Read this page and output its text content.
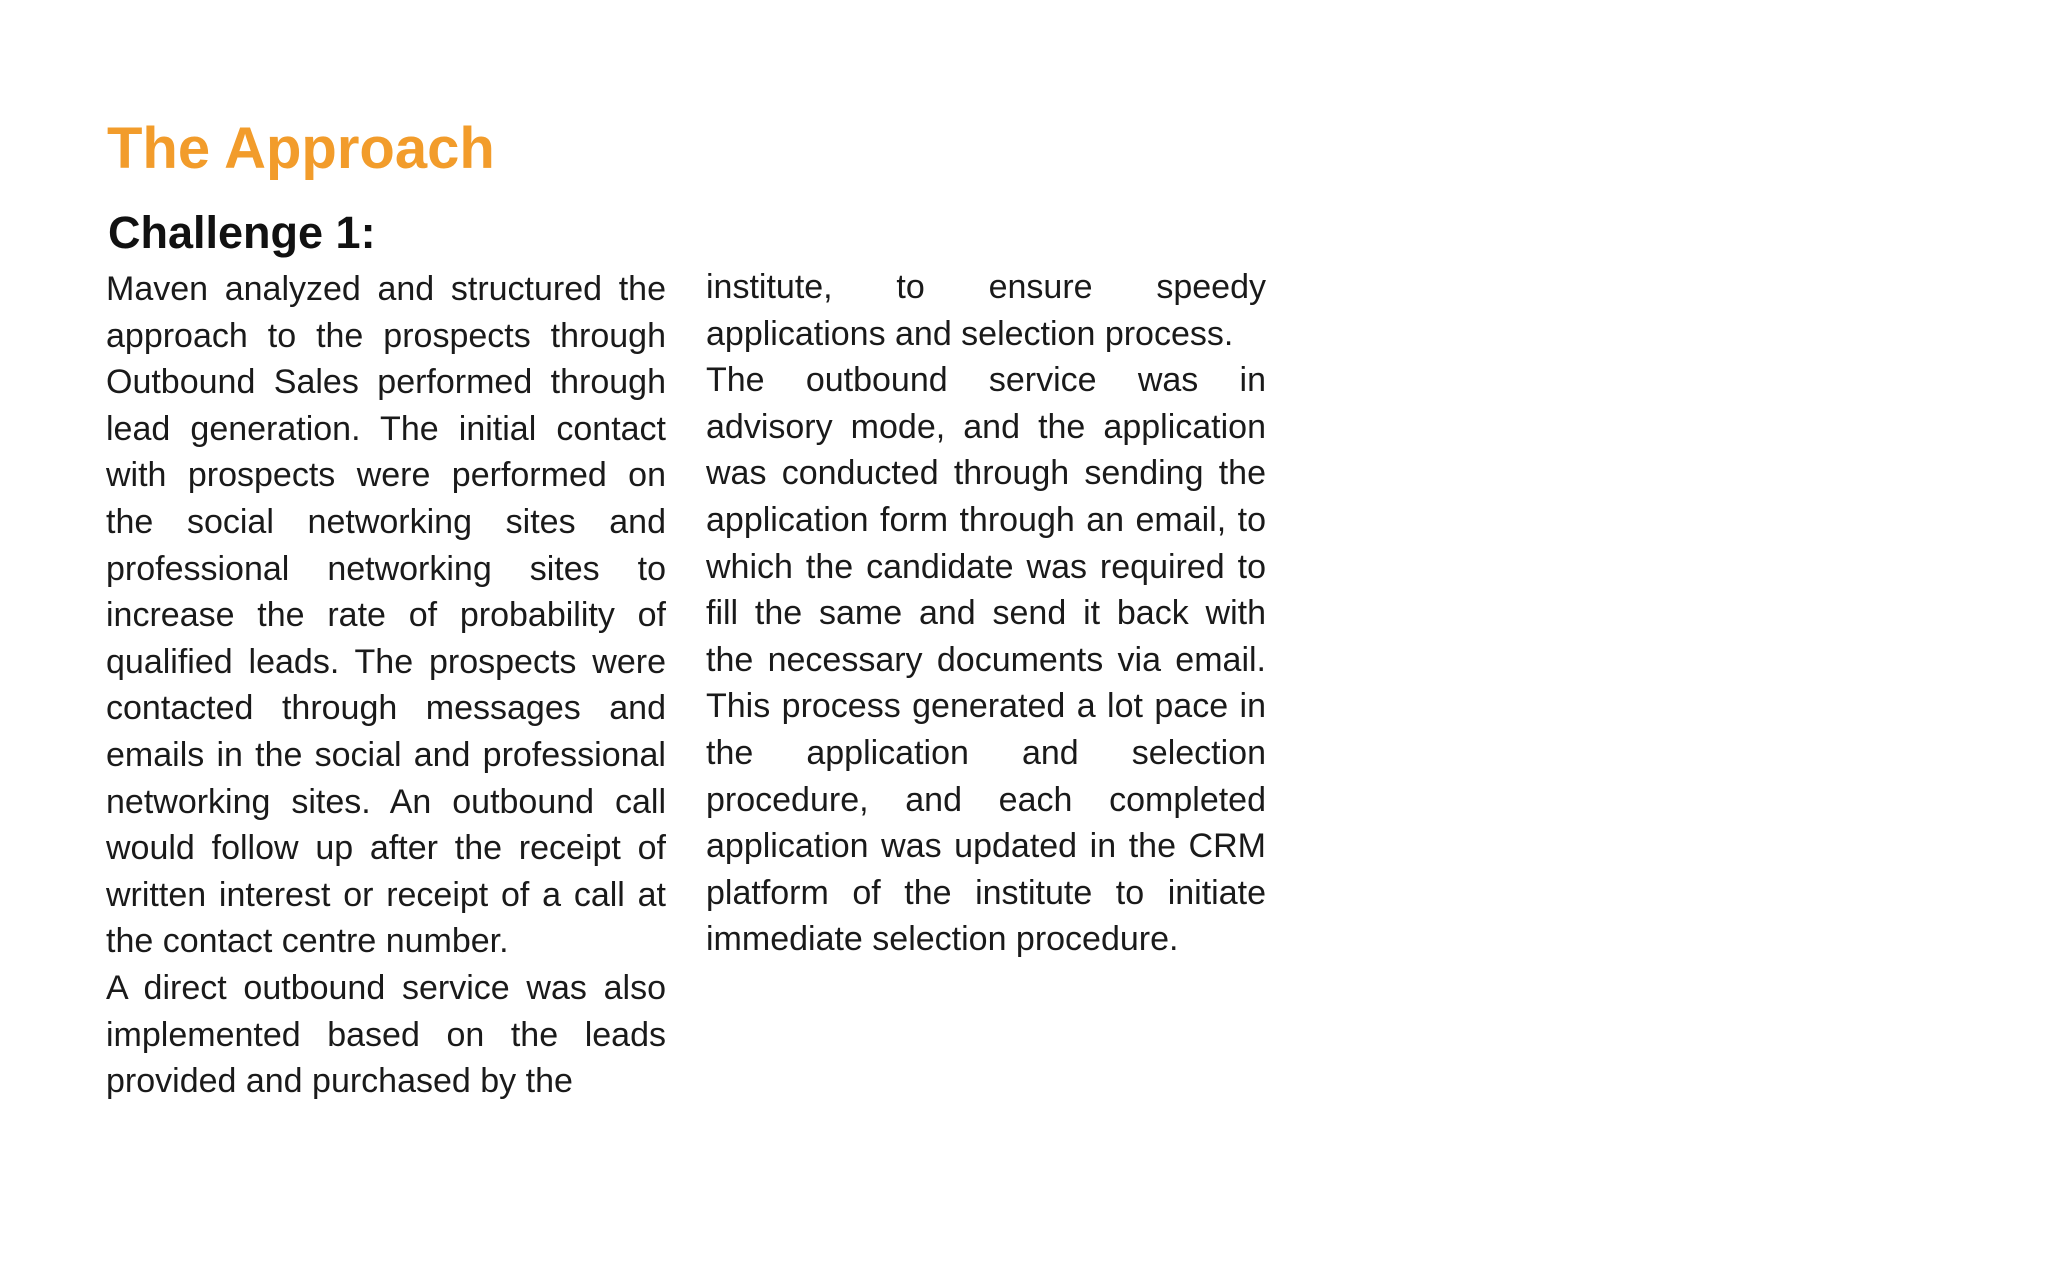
The Approach
Challenge 1:

Maven analyzed and structured the approach to the prospects through Outbound Sales performed through lead generation. The initial contact with prospects were performed on the social networking sites and professional networking sites to increase the rate of probability of qualified leads. The prospects were contacted through messages and emails in the social and professional networking sites. An outbound call would follow up after the receipt of written interest or receipt of a call at the contact centre number.

A direct outbound service was also implemented based on the leads provided and purchased by the

institute, to ensure speedy applications and selection process.

The outbound service was in advisory mode, and the application was conducted through sending the application form through an email, to which the candidate was required to fill the same and send it back with the necessary documents via email. This process generated a lot pace in the application and selection procedure, and each completed application was updated in the CRM platform of the institute to initiate immediate selection procedure.
